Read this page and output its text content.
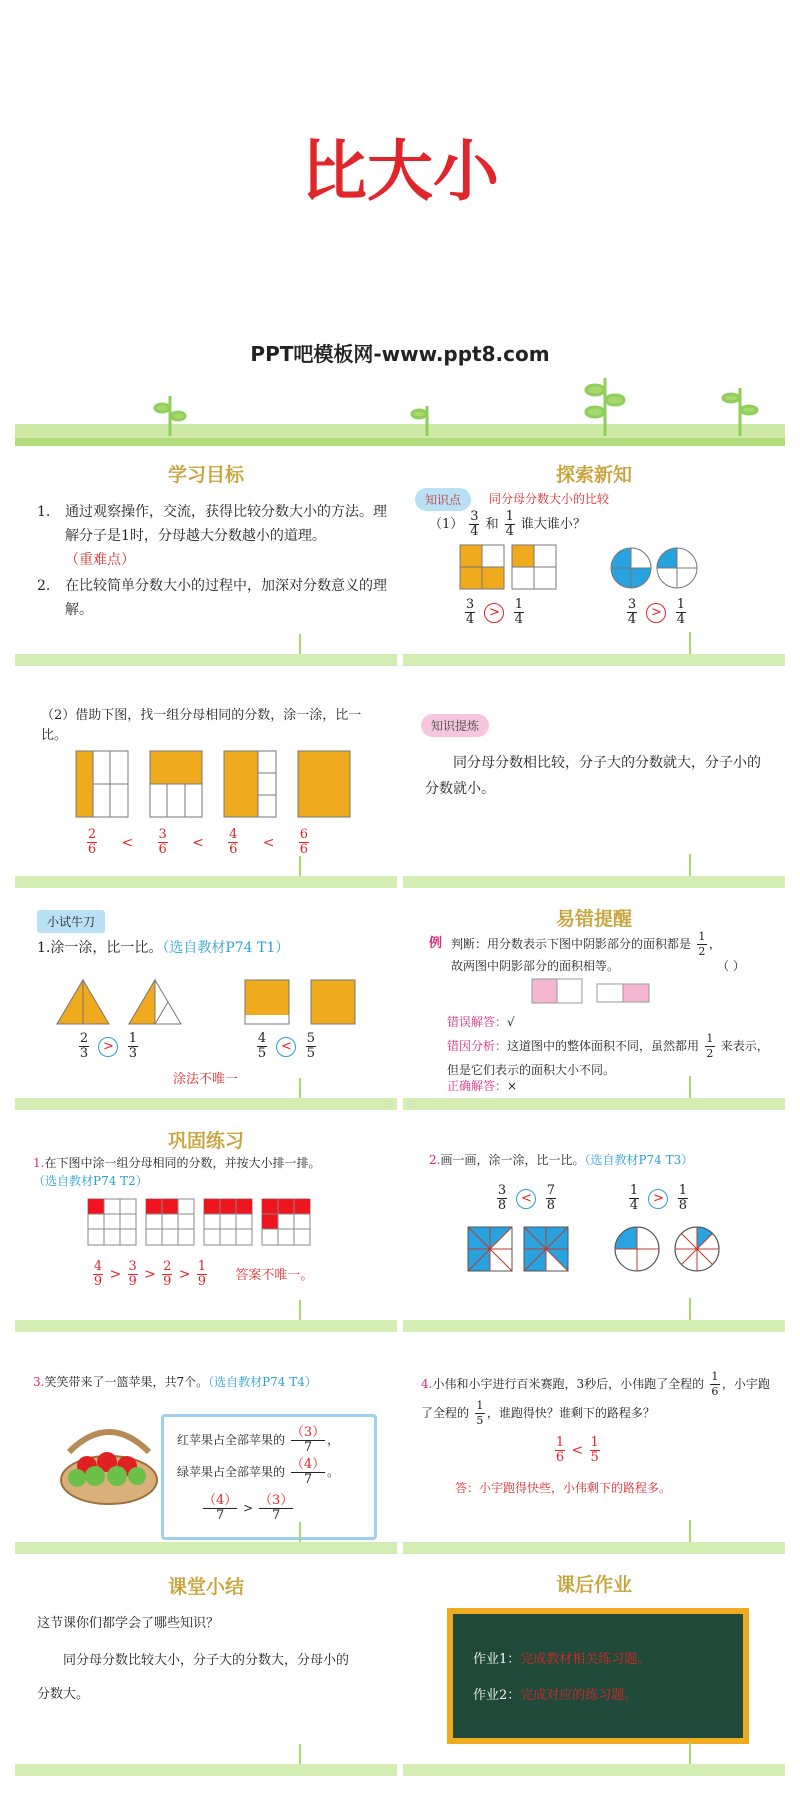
比大小
PPT吧模板网-www.ppt8.com
学习目标
1. 通过观察操作，交流，获得比较分数大小的方法。理解分子是1时，分母越大分数越小的道理。（重难点）
2. 在比较简单分数大小的过程中，加深对分数意义的理解。
探索新知
知识点	同分母分数大小的比较
$(1) \frac{3}{4}$ 和 $\frac{1}{4}$ 谁大谁小？
$\frac{3}{4} > \frac{1}{4}$	$\frac{3}{4} > \frac{1}{4}$
（2）借助下图，找一组分母相同的分数，涂一涂，比一比。
$\frac{2}{6} < \frac{3}{6} < \frac{4}{6} < \frac{6}{6}$
知识提炼
同分母分数相比较，分子大的分数就大，分子小的分数就小。
小试牛刀
1.涂一涂，比一比。（选自教材P74 T1）
$\frac{2}{3} > \frac{1}{3}$	$\frac{4}{5} < \frac{5}{5}$
涂法不唯一
易错提醒
例 判断：用分数表示下图中阴影部分的面积都是 $\frac{1}{2}$ ，
故两图中阴影部分的面积相等。	（ ）
错误解答：√
错因分析：这道图中的整体面积不同，虽然都用 $\frac{1}{2}$ 来表示，但是它们表示的面积大小不同。
正确解答：×
巩固练习
1.在下图中涂一组分母相同的分数，并按大小排一排。
（选自教材P74 T2）
$\frac{4}{9} > \frac{3}{9} > \frac{2}{9} > \frac{1}{9}$ 答案不唯一。
2.画一画，涂一涂，比一比。（选自教材P74 T3）
$\frac{3}{8} < \frac{7}{8}$	$\frac{1}{4} > \frac{1}{8}$
3.笑笑带来了一篮苹果，共7个。（选自教材P74 T4）
红苹果占全部苹果的 $\frac{(3)}{7}$ ，
绿苹果占全部苹果的 $\frac{(4)}{7}$ 。
$\frac{(4)}{7} > \frac{(3)}{7}$
4.小伟和小宇进行百米赛跑，3秒后，小伟跑了全程的 $\frac{1}{6}$ ，小宇跑了全程的 $\frac{1}{5}$ ，谁跑得快？谁剩下的路程多？
$\frac{1}{6} < \frac{1}{5}$
答：小宇跑得快些，小伟剩下的路程多。
课堂小结
这节课你们都学会了哪些知识？
同分母分数比较大小，分子大的分数大，分母小的分数大。
课后作业
作业1：完成教材相关练习题。
作业2：完成对应的练习题。
